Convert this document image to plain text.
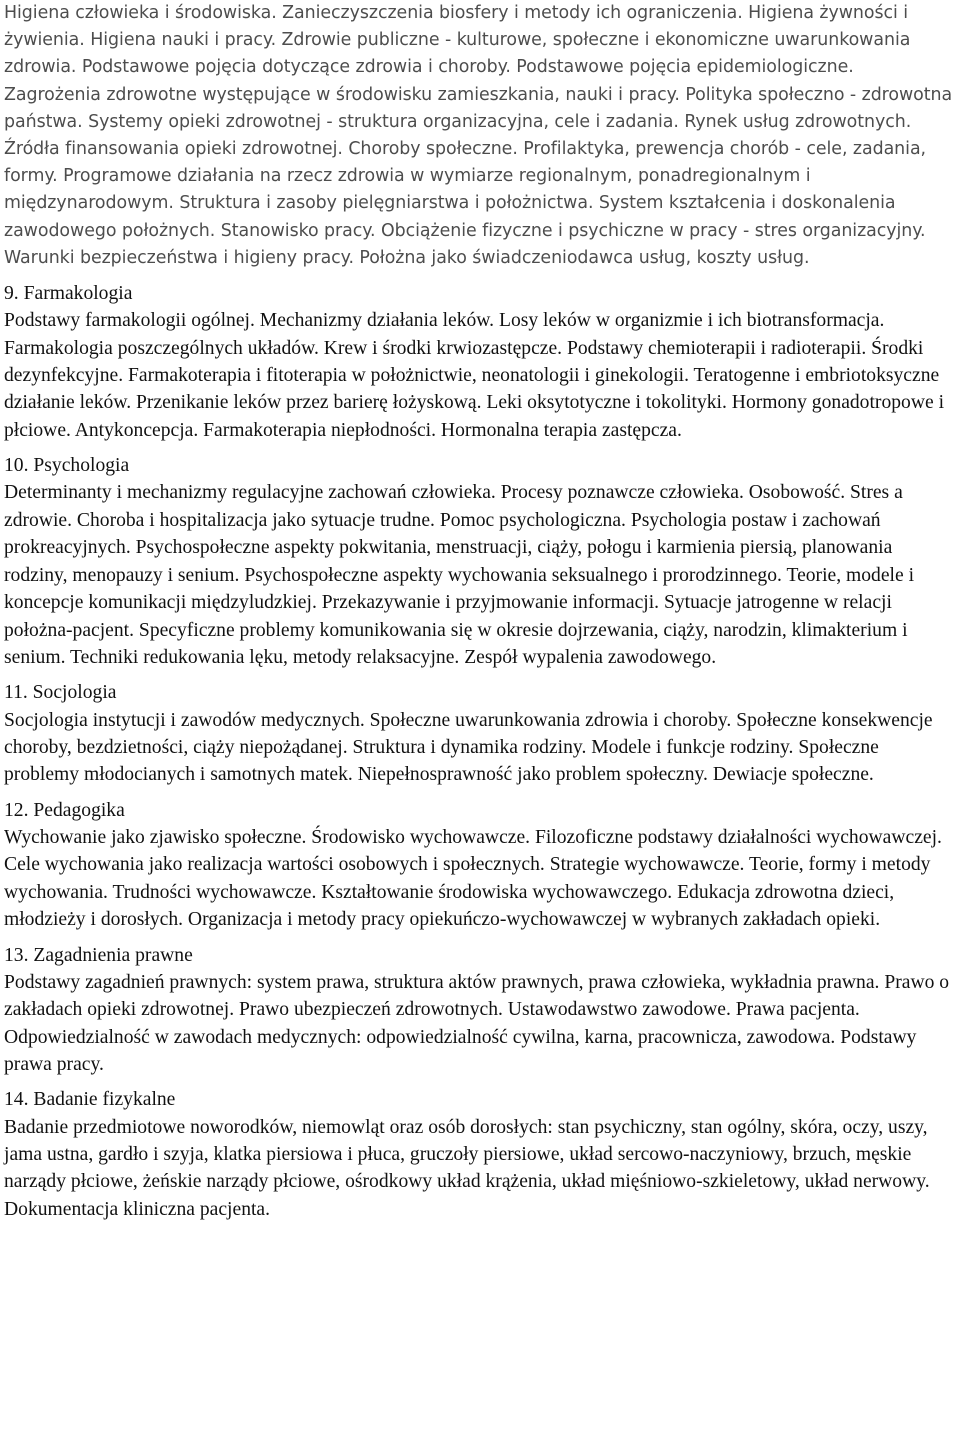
Higiena człowieka i środowiska. Zanieczyszczenia biosfery i metody ich ograniczenia. Higiena żywności i żywienia. Higiena nauki i pracy. Zdrowie publiczne - kulturowe, społeczne i ekonomiczne uwarunkowania zdrowia. Podstawowe pojęcia dotyczące zdrowia i choroby. Podstawowe pojęcia epidemiologiczne. Zagrożenia zdrowotne występujące w środowisku zamieszkania, nauki i pracy. Polityka społeczno - zdrowotna państwa. Systemy opieki zdrowotnej - struktura organizacyjna, cele i zadania. Rynek usług zdrowotnych. Źródła finansowania opieki zdrowotnej. Choroby społeczne. Profilaktyka, prewencja chorób - cele, zadania, formy. Programowe działania na rzecz zdrowia w wymiarze regionalnym, ponadregionalnym i międzynarodowym. Struktura i zasoby pielęgniarstwa i położnictwa. System kształcenia i doskonalenia zawodowego położnych. Stanowisko pracy. Obciążenie fizyczne i psychiczne w pracy - stres organizacyjny. Warunki bezpieczeństwa i higieny pracy. Położna jako świadczeniodawca usług, koszty usług.

9. Farmakologia

Podstawy farmakologii ogólnej. Mechanizmy działania leków. Losy leków w organizmie i ich biotransformacja. Farmakologia poszczególnych układów. Krew i środki krwiozastępcze. Podstawy chemioterapii i radioterapii. Środki dezynfekcyjne. Farmakoterapia i fitoterapia w położnictwie, neonatologii i ginekologii. Teratogenne i embriotoksyczne działanie leków. Przenikanie leków przez barierę łożyskową. Leki oksytotyczne i tokolityki. Hormony gonadotropowe i płciowe. Antykoncepcja. Farmakoterapia niepłodności. Hormonalna terapia zastępcza.

10. Psychologia

Determinanty i mechanizmy regulacyjne zachowań człowieka. Procesy poznawcze człowieka. Osobowość. Stres a zdrowie. Choroba i hospitalizacja jako sytuacje trudne. Pomoc psychologiczna. Psychologia postaw i zachowań prokreacyjnych. Psychospołeczne aspekty pokwitania, menstruacji, ciąży, połogu i karmienia piersią, planowania rodziny, menopauzy i senium. Psychospołeczne aspekty wychowania seksualnego i prorodzinnego. Teorie, modele i koncepcje komunikacji międzyludzkiej. Przekazywanie i przyjmowanie informacji. Sytuacje jatrogenne w relacji położna-pacjent. Specyficzne problemy komunikowania się w okresie dojrzewania, ciąży, narodzin, klimakterium i senium. Techniki redukowania lęku, metody relaksacyjne. Zespół wypalenia zawodowego.

11. Socjologia

Socjologia instytucji i zawodów medycznych. Społeczne uwarunkowania zdrowia i choroby. Społeczne konsekwencje choroby, bezdzietności, ciąży niepożądanej. Struktura i dynamika rodziny. Modele i funkcje rodziny. Społeczne problemy młodocianych i samotnych matek. Niepełnosprawność jako problem społeczny. Dewiacje społeczne.

12. Pedagogika

Wychowanie jako zjawisko społeczne. Środowisko wychowawcze. Filozoficzne podstawy działalności wychowawczej. Cele wychowania jako realizacja wartości osobowych i społecznych. Strategie wychowawcze. Teorie, formy i metody wychowania. Trudności wychowawcze. Kształtowanie środowiska wychowawczego. Edukacja zdrowotna dzieci, młodzieży i dorosłych. Organizacja i metody pracy opiekuńczo-wychowawczej w wybranych zakładach opieki.

13. Zagadnienia prawne

Podstawy zagadnień prawnych: system prawa, struktura aktów prawnych, prawa człowieka, wykładnia prawna. Prawo o zakładach opieki zdrowotnej. Prawo ubezpieczeń zdrowotnych. Ustawodawstwo zawodowe. Prawa pacjenta. Odpowiedzialność w zawodach medycznych: odpowiedzialność cywilna, karna, pracownicza, zawodowa. Podstawy prawa pracy.

14. Badanie fizykalne

Badanie przedmiotowe noworodków, niemowląt oraz osób dorosłych: stan psychiczny, stan ogólny, skóra, oczy, uszy, jama ustna, gardło i szyja, klatka piersiowa i płuca, gruczoły piersiowe, układ sercowo-naczyniowy, brzuch, męskie narządy płciowe, żeńskie narządy płciowe, ośrodkowy układ krążenia, układ mięśniowo-szkieletowy, układ nerwowy. Dokumentacja kliniczna pacjenta.
